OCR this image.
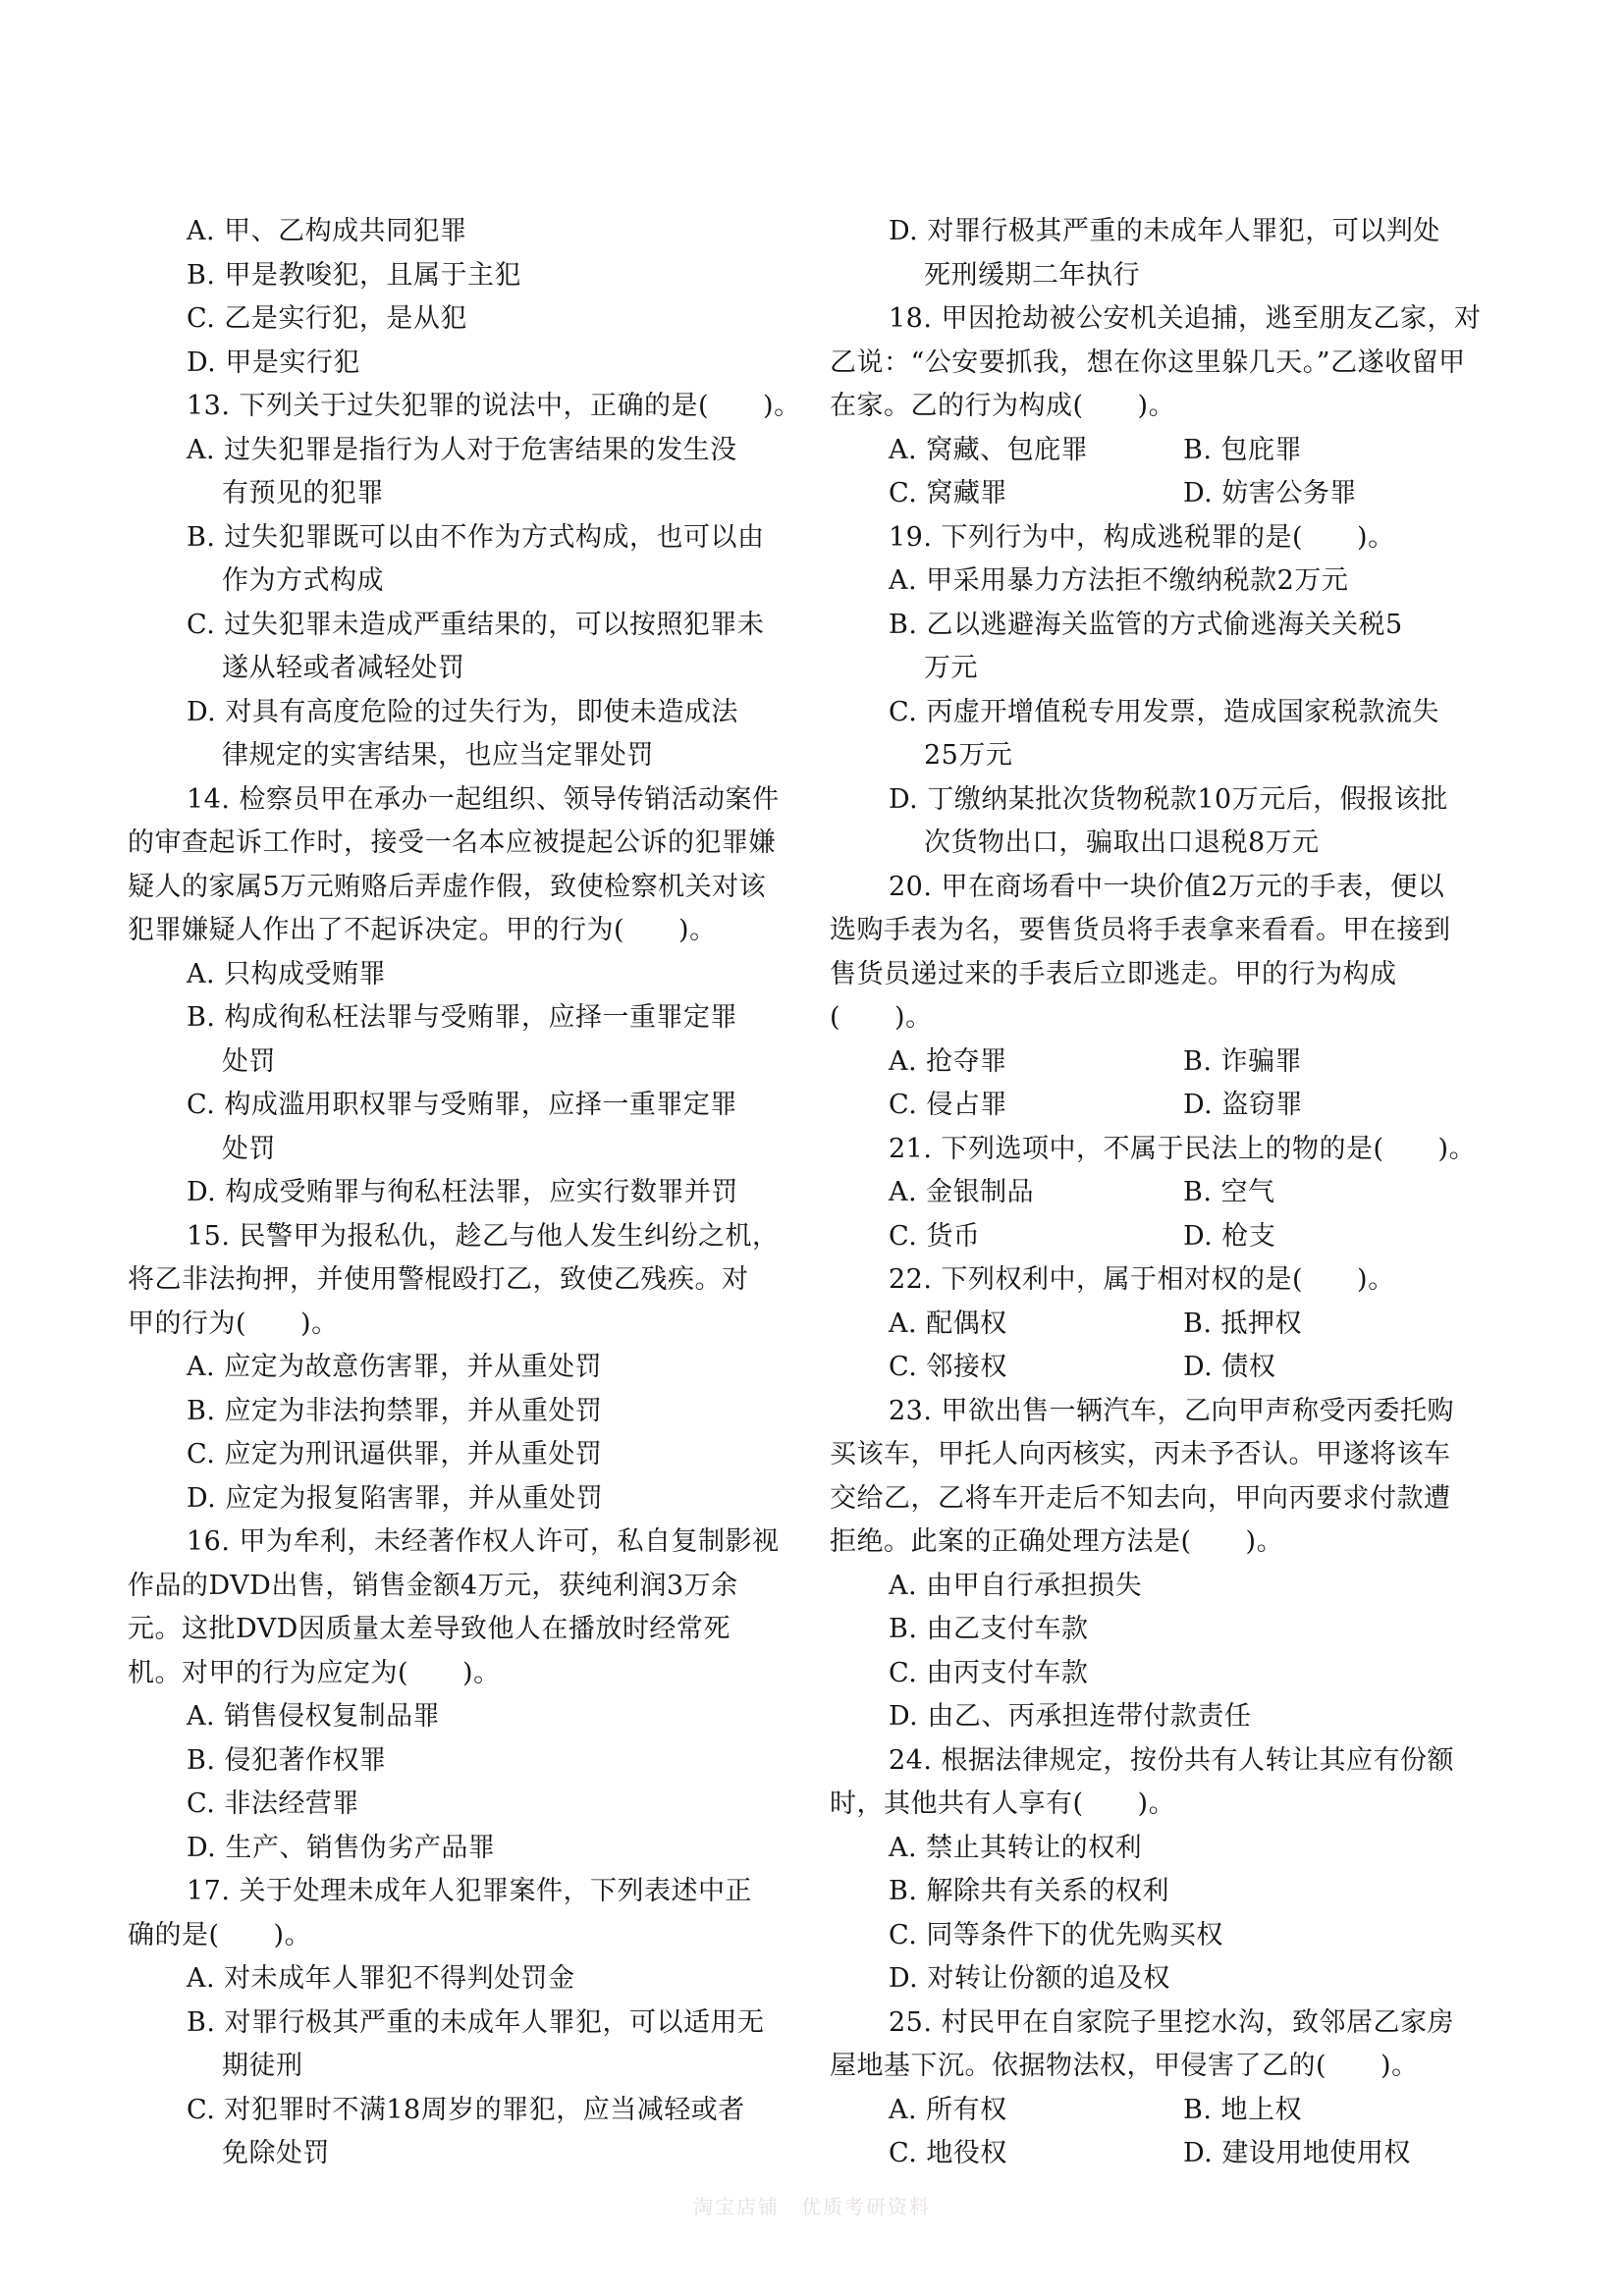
A. 甲、乙构成共同犯罪
B. 甲是教唆犯，且属于主犯
C. 乙是实行犯，是从犯
D. 甲是实行犯
13. 下列关于过失犯罪的说法中，正确的是(　　)。
A. 过失犯罪是指行为人对于危害结果的发生没
有预见的犯罪
B. 过失犯罪既可以由不作为方式构成，也可以由
作为方式构成
C. 过失犯罪未造成严重结果的，可以按照犯罪未
遂从轻或者减轻处罚
D. 对具有高度危险的过失行为，即使未造成法
律规定的实害结果，也应当定罪处罚
14. 检察员甲在承办一起组织、领导传销活动案件
的审查起诉工作时，接受一名本应被提起公诉的犯罪嫌
疑人的家属5万元贿赂后弄虚作假，致使检察机关对该
犯罪嫌疑人作出了不起诉决定。甲的行为(　　)。
A. 只构成受贿罪
B. 构成徇私枉法罪与受贿罪，应择一重罪定罪
处罚
C. 构成滥用职权罪与受贿罪，应择一重罪定罪
处罚
D. 构成受贿罪与徇私枉法罪，应实行数罪并罚
15. 民警甲为报私仇，趁乙与他人发生纠纷之机，
将乙非法拘押，并使用警棍殴打乙，致使乙残疾。对
甲的行为(　　)。
A. 应定为故意伤害罪，并从重处罚
B. 应定为非法拘禁罪，并从重处罚
C. 应定为刑讯逼供罪，并从重处罚
D. 应定为报复陷害罪，并从重处罚
16. 甲为牟利，未经著作权人许可，私自复制影视
作品的DVD出售，销售金额4万元，获纯利润3万余
元。这批DVD因质量太差导致他人在播放时经常死
机。对甲的行为应定为(　　)。
A. 销售侵权复制品罪
B. 侵犯著作权罪
C. 非法经营罪
D. 生产、销售伪劣产品罪
17. 关于处理未成年人犯罪案件，下列表述中正
确的是(　　)。
A. 对未成年人罪犯不得判处罚金
B. 对罪行极其严重的未成年人罪犯，可以适用无
期徒刑
C. 对犯罪时不满18周岁的罪犯，应当减轻或者
免除处罚
D. 对罪行极其严重的未成年人罪犯，可以判处
死刑缓期二年执行
18. 甲因抢劫被公安机关追捕，逃至朋友乙家，对
乙说：“公安要抓我，想在你这里躲几天。”乙遂收留甲
在家。乙的行为构成(　　)。
A. 窝藏、包庇罪	B. 包庇罪
C. 窝藏罪	D. 妨害公务罪
19. 下列行为中，构成逃税罪的是(　　)。
A. 甲采用暴力方法拒不缴纳税款2万元
B. 乙以逃避海关监管的方式偷逃海关关税5
万元
C. 丙虚开增值税专用发票，造成国家税款流失
25万元
D. 丁缴纳某批次货物税款10万元后，假报该批
次货物出口，骗取出口退税8万元
20. 甲在商场看中一块价值2万元的手表，便以
选购手表为名，要售货员将手表拿来看看。甲在接到
售货员递过来的手表后立即逃走。甲的行为构成
(　　)。
A. 抢夺罪	B. 诈骗罪
C. 侵占罪	D. 盗窃罪
21. 下列选项中，不属于民法上的物的是(　　)。
A. 金银制品	B. 空气
C. 货币	D. 枪支
22. 下列权利中，属于相对权的是(　　)。
A. 配偶权	B. 抵押权
C. 邻接权	D. 债权
23. 甲欲出售一辆汽车，乙向甲声称受丙委托购
买该车，甲托人向丙核实，丙未予否认。甲遂将该车
交给乙，乙将车开走后不知去向，甲向丙要求付款遭
拒绝。此案的正确处理方法是(　　)。
A. 由甲自行承担损失
B. 由乙支付车款
C. 由丙支付车款
D. 由乙、丙承担连带付款责任
24. 根据法律规定，按份共有人转让其应有份额
时，其他共有人享有(　　)。
A. 禁止其转让的权利
B. 解除共有关系的权利
C. 同等条件下的优先购买权
D. 对转让份额的追及权
25. 村民甲在自家院子里挖水沟，致邻居乙家房
屋地基下沉。依据物法权，甲侵害了乙的(　　)。
A. 所有权	B. 地上权
C. 地役权	D. 建设用地使用权
淘宝店铺　优质考研资料
